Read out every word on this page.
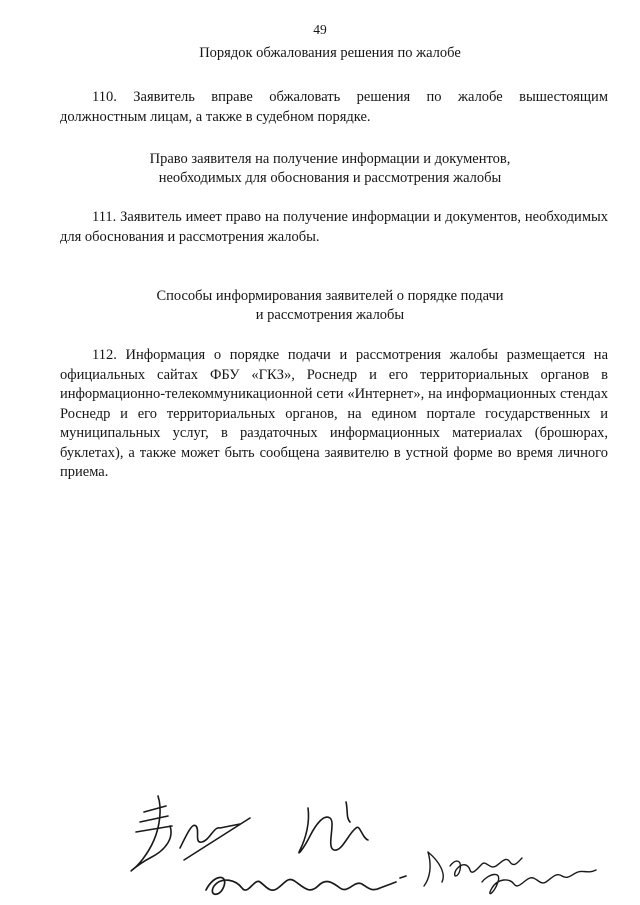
49
Порядок обжалования решения по жалобе

110. Заявитель вправе обжаловать решения по жалобе вышестоящим должностным лицам, а также в судебном порядке.

Право заявителя на получение информации и документов,
необходимых для обоснования и рассмотрения жалобы

111. Заявитель имеет право на получение информации и документов, необходимых для обоснования и рассмотрения жалобы.

Способы информирования заявителей о порядке подачи
и рассмотрения жалобы

112. Информация о порядке подачи и рассмотрения жалобы размещается на официальных сайтах ФБУ «ГКЗ», Роснедр и его территориальных органов в информационно-телекоммуникационной сети «Интернет», на информационных стендах Роснедр и его территориальных органов, на едином портале государственных и муниципальных услуг, в раздаточных информационных материалах (брошюрах, буклетах), а также может быть сообщена заявителю в устной форме во время личного приема.
